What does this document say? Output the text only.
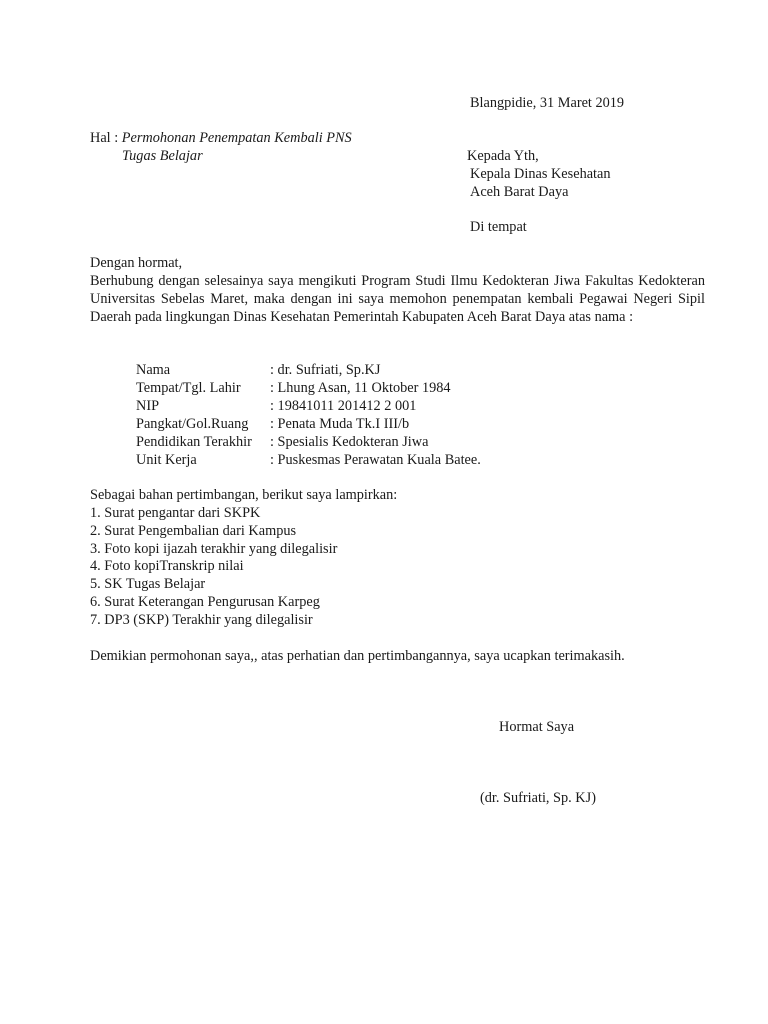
Blangpidie, 31 Maret 2019
Hal : Permohonan Penempatan Kembali PNS
Tugas Belajar	Kepada Yth,
Kepala Dinas Kesehatan
Aceh Barat Daya
Di tempat
Dengan hormat,
Berhubung dengan selesainya saya mengikuti Program Studi Ilmu Kedokteran Jiwa Fakultas Kedokteran Universitas Sebelas Maret, maka dengan ini saya memohon penempatan kembali Pegawai Negeri Sipil Daerah pada lingkungan Dinas Kesehatan Pemerintah Kabupaten Aceh Barat Daya atas nama :
Nama	: dr. Sufriati, Sp.KJ
Tempat/Tgl. Lahir : Lhung Asan, 11 Oktober 1984
NIP	: 19841011 201412 2 001
Pangkat/Gol.Ruang : Penata Muda Tk.I III/b
Pendidikan Terakhir : Spesialis Kedokteran Jiwa
Unit Kerja	: Puskesmas Perawatan Kuala Batee.
Sebagai bahan pertimbangan, berikut saya lampirkan:
1. Surat pengantar dari SKPK
2. Surat Pengembalian dari Kampus
3. Foto kopi ijazah terakhir yang dilegalisir
4. Foto kopiTranskrip nilai
5. SK Tugas Belajar
6. Surat Keterangan Pengurusan Karpeg
7. DP3 (SKP) Terakhir yang dilegalisir
Demikian permohonan saya,, atas perhatian dan pertimbangannya, saya ucapkan terimakasih.
Hormat Saya
(dr. Sufriati, Sp. KJ)
